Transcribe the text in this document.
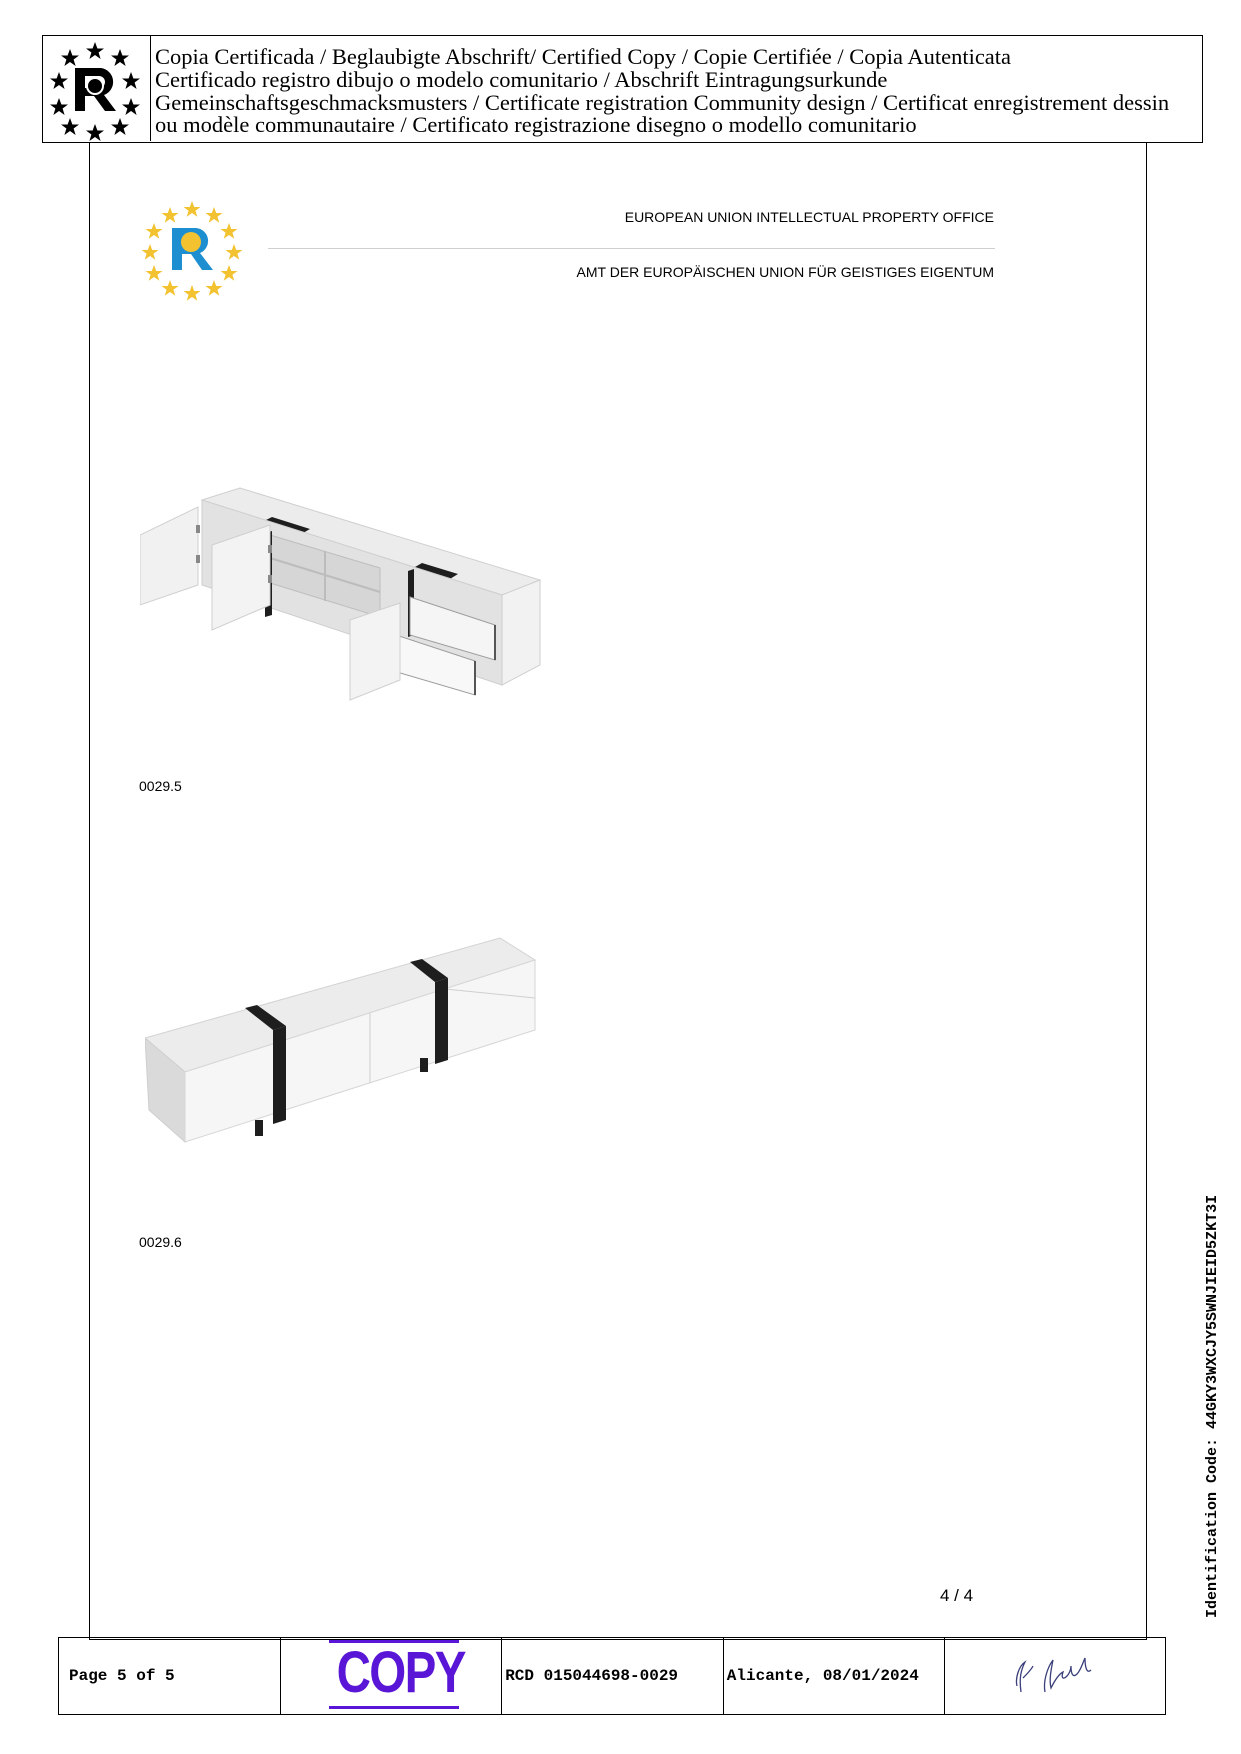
Copia Certificada / Beglaubigte Abschrift/ Certified Copy / Copie Certifiée / Copia Autenticata
Certificado registro dibujo o modelo comunitario / Abschrift Eintragungsurkunde
Gemeinschaftsgeschmacksmusters / Certificate registration Community design / Certificat enregistrement dessin
ou modèle communautaire / Certificato registrazione disegno o modello comunitario
EUROPEAN UNION INTELLECTUAL PROPERTY OFFICE
AMT DER EUROPÄISCHEN UNION FÜR GEISTIGES EIGENTUM
0029.5
0029.6
4 / 4	Identification Code: 44GKY3WXCJY5SWNJIEID5ZKT3I
Page 5 of 5	COPY	RCD 015044698-0029	Alicante, 08/01/2024
